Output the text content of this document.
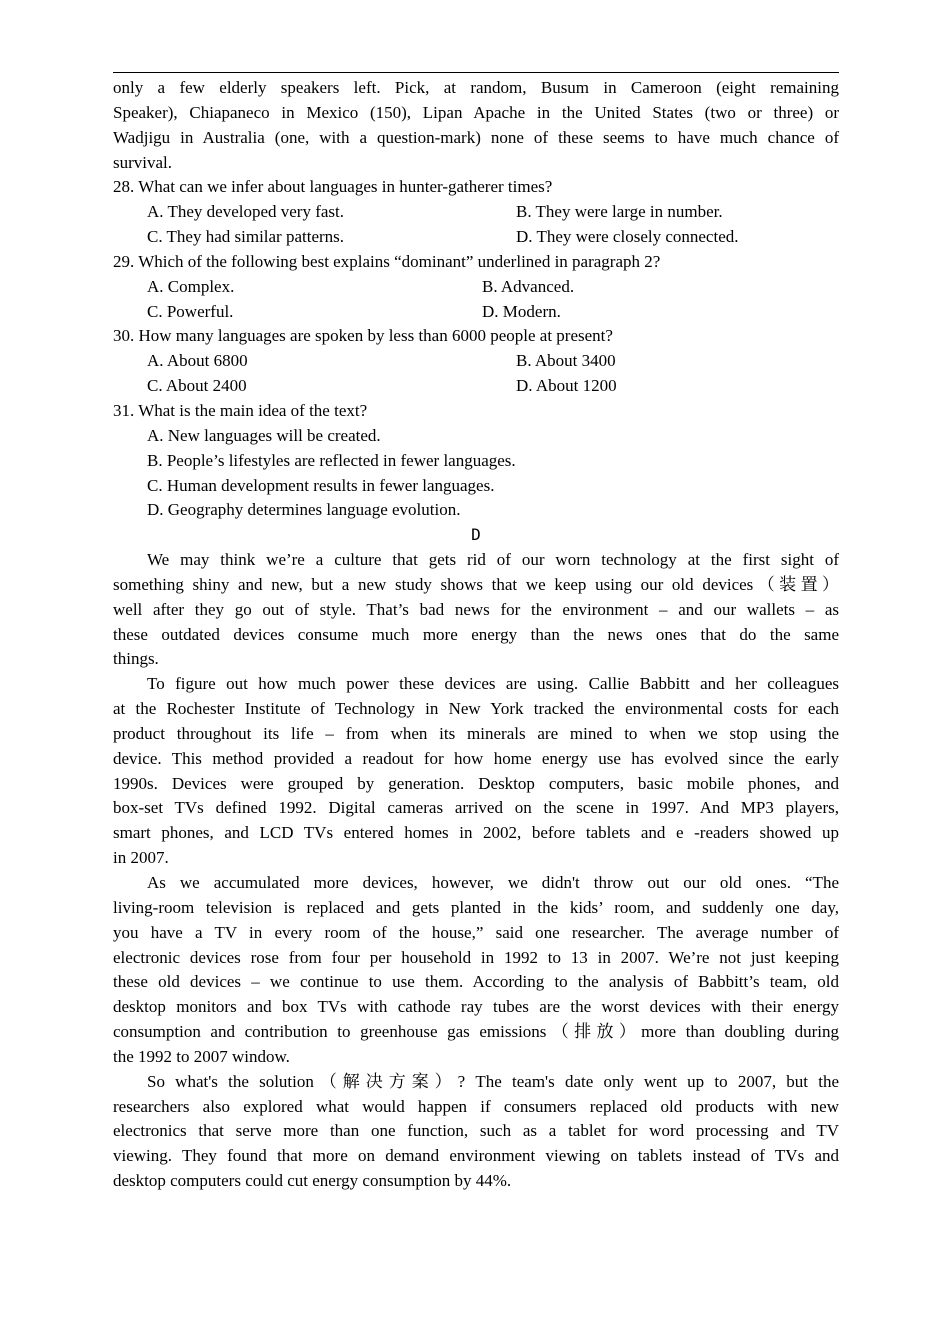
only a few elderly speakers left. Pick, at random, Busum in Cameroon (eight remaining
Speaker), Chiapaneco in Mexico (150), Lipan Apache in the United States (two or three) or
Wadjigu in Australia (one, with a question-mark) none of these seems to have much chance of
survival.
28. What can we infer about languages in hunter-gatherer times?
A. They developed very fast.	B. They were large in number.
C. They had similar patterns.	D. They were closely connected.
29. Which of the following best explains “dominant” underlined in paragraph 2?
A. Complex.	B. Advanced.
C. Powerful.	D. Modern.
30. How many languages are spoken by less than 6000 people at present?
A. About 6800	B. About 3400
C. About 2400	D. About 1200
31. What is the main idea of the text?
A. New languages will be created.
B. People’s lifestyles are reflected in fewer languages.
C. Human development results in fewer languages.
D. Geography determines language evolution.
D
We may think we’re a culture that gets rid of our worn technology at the first sight of
something shiny and new, but a new study shows that we keep using our old devices（装置）
well after they go out of style. That’s bad news for the environment – and our wallets – as
these outdated devices consume much more energy than the news ones that do the same
things.
To figure out how much power these devices are using. Callie Babbitt and her colleagues
at the Rochester Institute of Technology in New York tracked the environmental costs for each
product throughout its life – from when its minerals are mined to when we stop using the
device. This method provided a readout for how home energy use has evolved since the early
1990s. Devices were grouped by generation. Desktop computers, basic mobile phones, and
box-set TVs defined 1992. Digital cameras arrived on the scene in 1997. And MP3 players,
smart phones, and LCD TVs entered homes in 2002, before tablets and e -readers showed up
in 2007.
As we accumulated more devices, however, we didn't throw out our old ones. “The
living-room television is replaced and gets planted in the kids’ room, and suddenly one day,
you have a TV in every room of the house,” said one researcher. The average number of
electronic devices rose from four per household in 1992 to 13 in 2007. We’re not just keeping
these old devices – we continue to use them. According to the analysis of Babbitt’s team, old
desktop monitors and box TVs with cathode ray tubes are the worst devices with their energy
consumption and contribution to greenhouse gas emissions（排放）more than doubling during
the 1992 to 2007 window.
So what's the solution（解决方案）? The team's date only went up to 2007, but the
researchers also explored what would happen if consumers replaced old products with new
electronics that serve more than one function, such as a tablet for word processing and TV
viewing. They found that more on demand environment viewing on tablets instead of TVs and
desktop computers could cut energy consumption by 44%.
